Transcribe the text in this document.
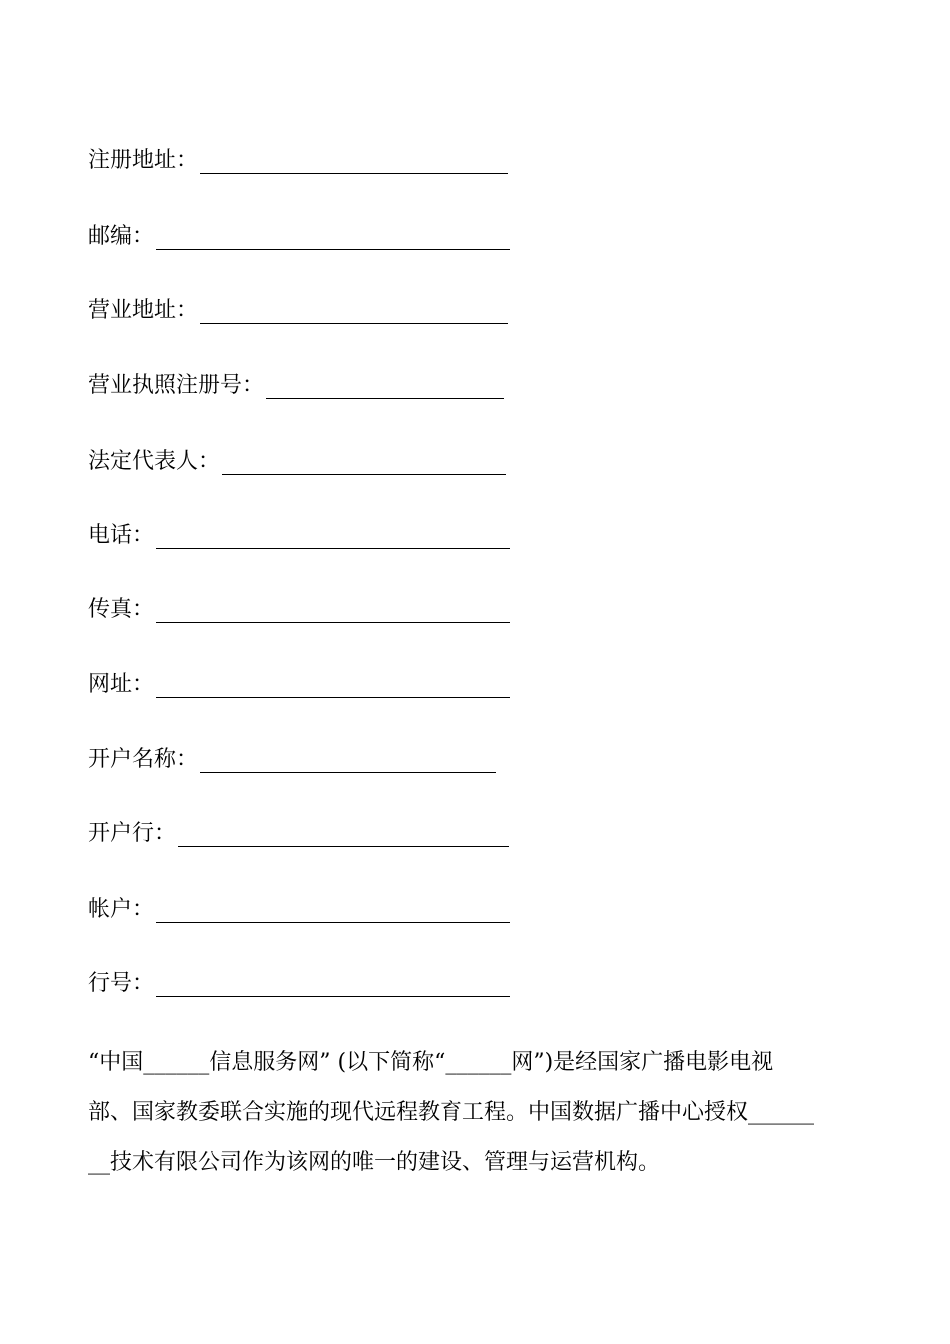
注册地址：
邮编：
营业地址：
营业执照注册号：
法定代表人：
电话：
传真：
网址：
开户名称：
开户行：
帐户：
行号：
“中国______信息服务网” (以下简称“______网”)是经国家广播电影电视
部、国家教委联合实施的现代远程教育工程。中国数据广播中心授权______
__技术有限公司作为该网的唯一的建设、管理与运营机构。
